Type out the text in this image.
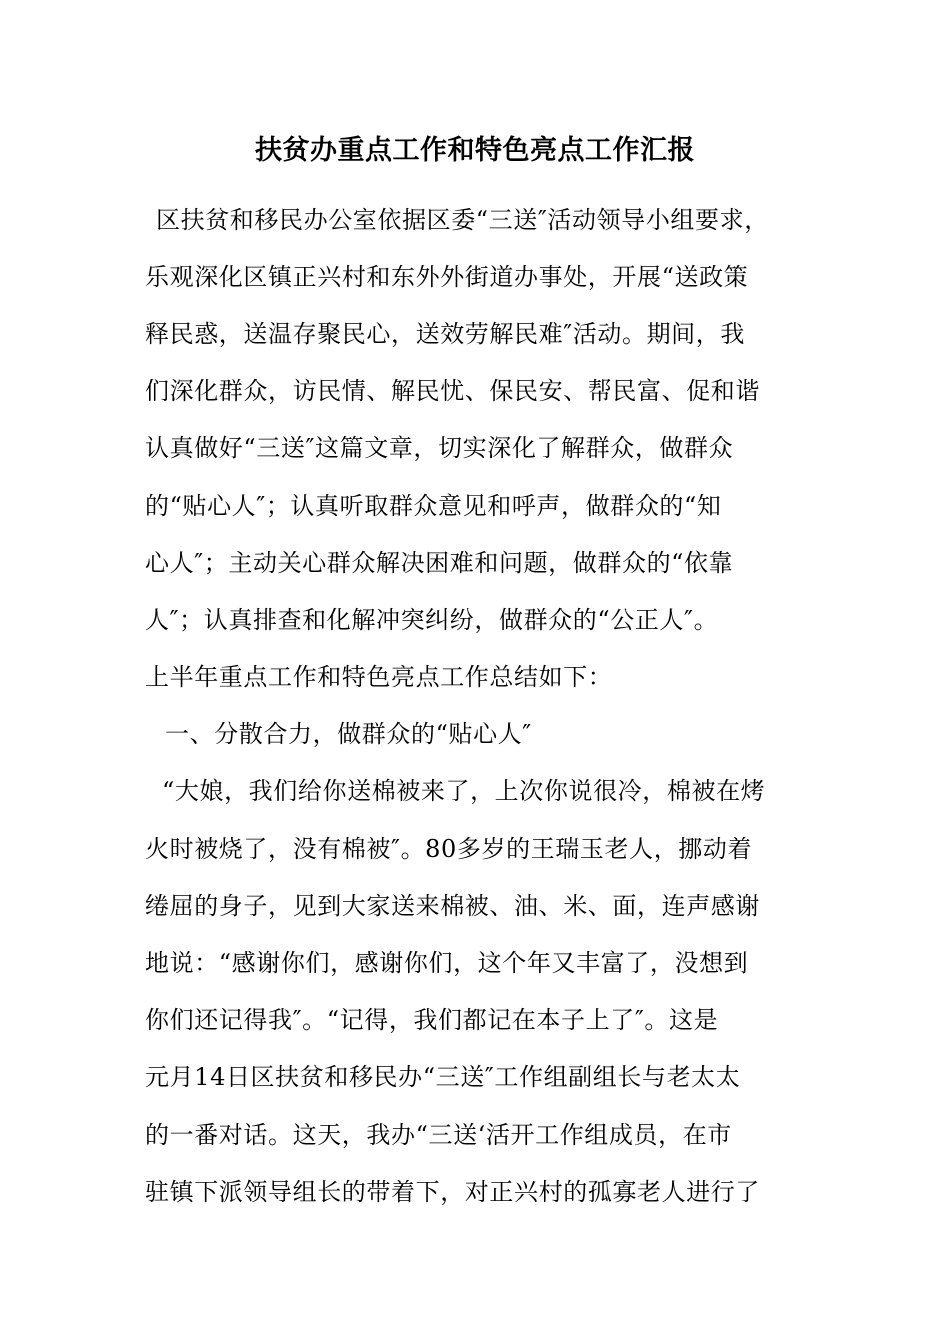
扶贫办重点工作和特色亮点工作汇报
区扶贫和移民办公室依据区委“三送″活动领导小组要求，
乐观深化区镇正兴村和东外外街道办事处，开展“送政策
释民惑，送温存聚民心，送效劳解民难″活动。期间，我
们深化群众，访民情、解民忧、保民安、帮民富、促和谐
认真做好“三送″这篇文章，切实深化了解群众，做群众
的“贴心人″；认真听取群众意见和呼声，做群众的“知
心人″；主动关心群众解决困难和问题，做群众的“依靠
人″；认真排查和化解冲突纠纷，做群众的“公正人″。
上半年重点工作和特色亮点工作总结如下：
一、分散合力，做群众的“贴心人″
“大娘，我们给你送棉被来了，上次你说很冷，棉被在烤
火时被烧了，没有棉被″。80多岁的王瑞玉老人，挪动着
绻屈的身子，见到大家送来棉被、油、米、面，连声感谢
地说：“感谢你们，感谢你们，这个年又丰富了，没想到
你们还记得我″。“记得，我们都记在本子上了″。这是
元月14日区扶贫和移民办“三送″工作组副组长与老太太
的一番对话。这天，我办“三送‘活开工作组成员，在市
驻镇下派领导组长的带着下，对正兴村的孤寡老人进行了
